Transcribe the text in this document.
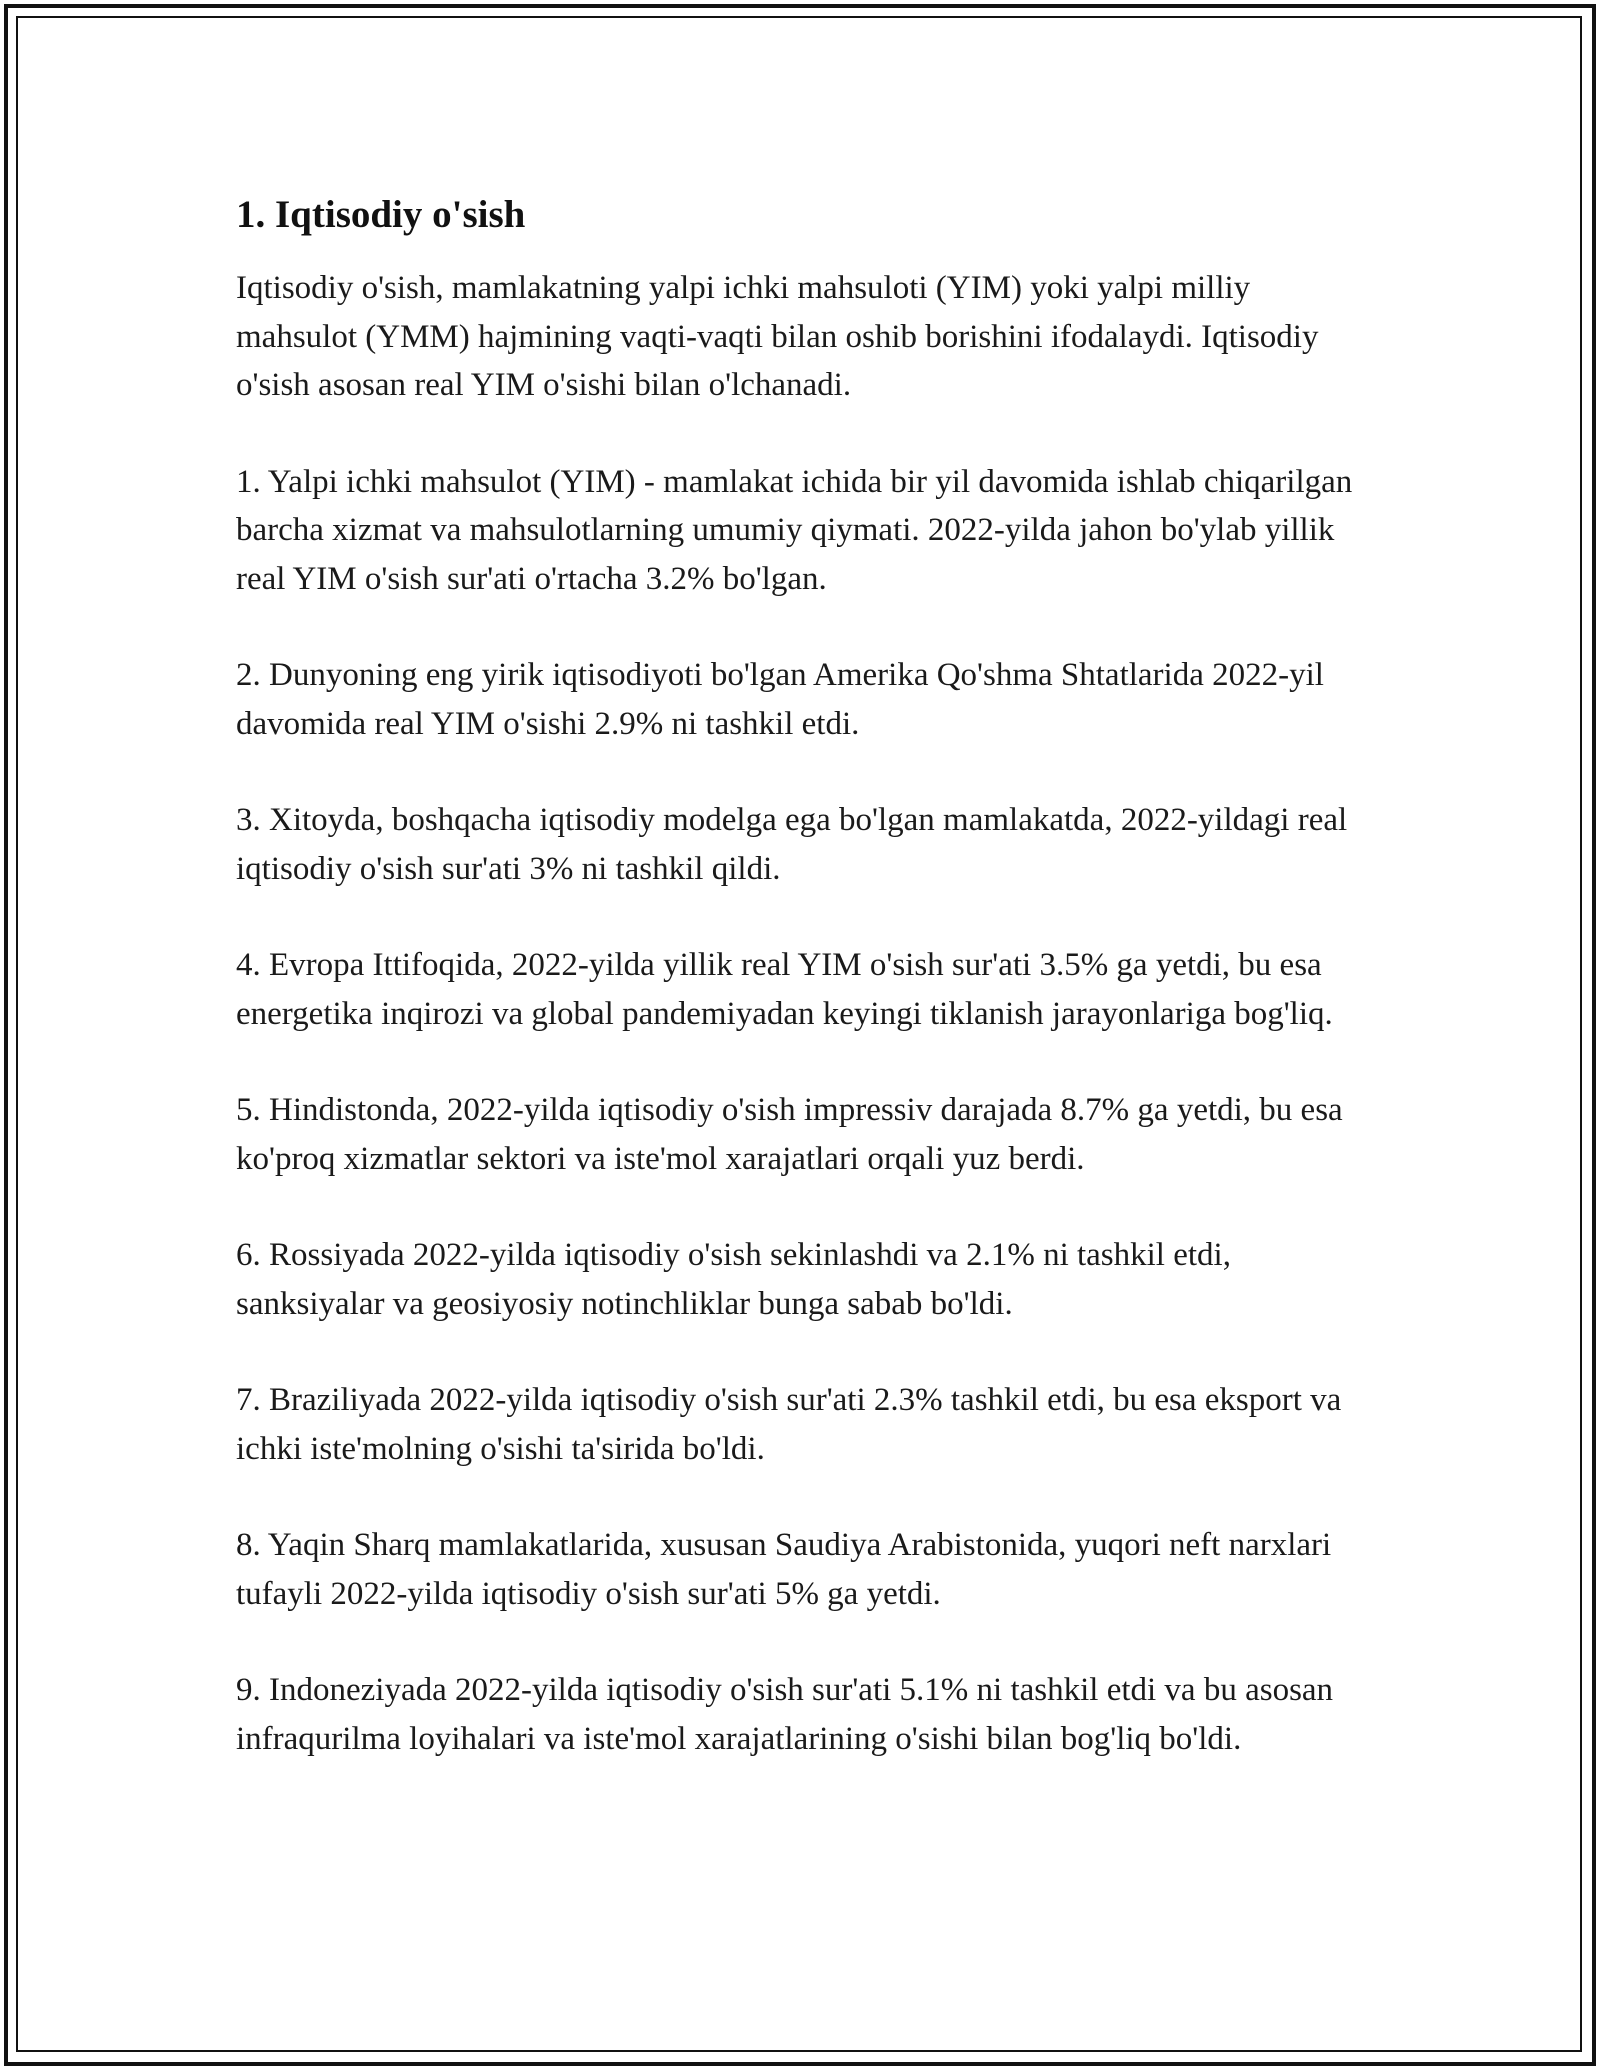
1. Iqtisodiy o'sish

Iqtisodiy o'sish, mamlakatning yalpi ichki mahsuloti (YIM) yoki yalpi milliy mahsulot (YMM) hajmining vaqti-vaqti bilan oshib borishini ifodalaydi. Iqtisodiy o'sish asosan real YIM o'sishi bilan o'lchanadi.

1. Yalpi ichki mahsulot (YIM) - mamlakat ichida bir yil davomida ishlab chiqarilgan barcha xizmat va mahsulotlarning umumiy qiymati. 2022-yilda jahon bo'ylab yillik real YIM o'sish sur'ati o'rtacha 3.2% bo'lgan.

2. Dunyoning eng yirik iqtisodiyoti bo'lgan Amerika Qo'shma Shtatlarida 2022-yil davomida real YIM o'sishi 2.9% ni tashkil etdi.

3. Xitoyda, boshqacha iqtisodiy modelga ega bo'lgan mamlakatda, 2022-yildagi real iqtisodiy o'sish sur'ati 3% ni tashkil qildi.

4. Evropa Ittifoqida, 2022-yilda yillik real YIM o'sish sur'ati 3.5% ga yetdi, bu esa energetika inqirozi va global pandemiyadan keyingi tiklanish jarayonlariga bog'liq.

5. Hindistonda, 2022-yilda iqtisodiy o'sish impressiv darajada 8.7% ga yetdi, bu esa ko'proq xizmatlar sektori va iste'mol xarajatlari orqali yuz berdi.

6. Rossiyada 2022-yilda iqtisodiy o'sish sekinlashdi va 2.1% ni tashkil etdi, sanksiyalar va geosiyosiy notinchliklar bunga sabab bo'ldi.

7. Braziliyada 2022-yilda iqtisodiy o'sish sur'ati 2.3% tashkil etdi, bu esa eksport va ichki iste'molning o'sishi ta'sirida bo'ldi.

8. Yaqin Sharq mamlakatlarida, xususan Saudiya Arabistonida, yuqori neft narxlari tufayli 2022-yilda iqtisodiy o'sish sur'ati 5% ga yetdi.

9. Indoneziyada 2022-yilda iqtisodiy o'sish sur'ati 5.1% ni tashkil etdi va bu asosan infraqurilma loyihalari va iste'mol xarajatlarining o'sishi bilan bog'liq bo'ldi.
